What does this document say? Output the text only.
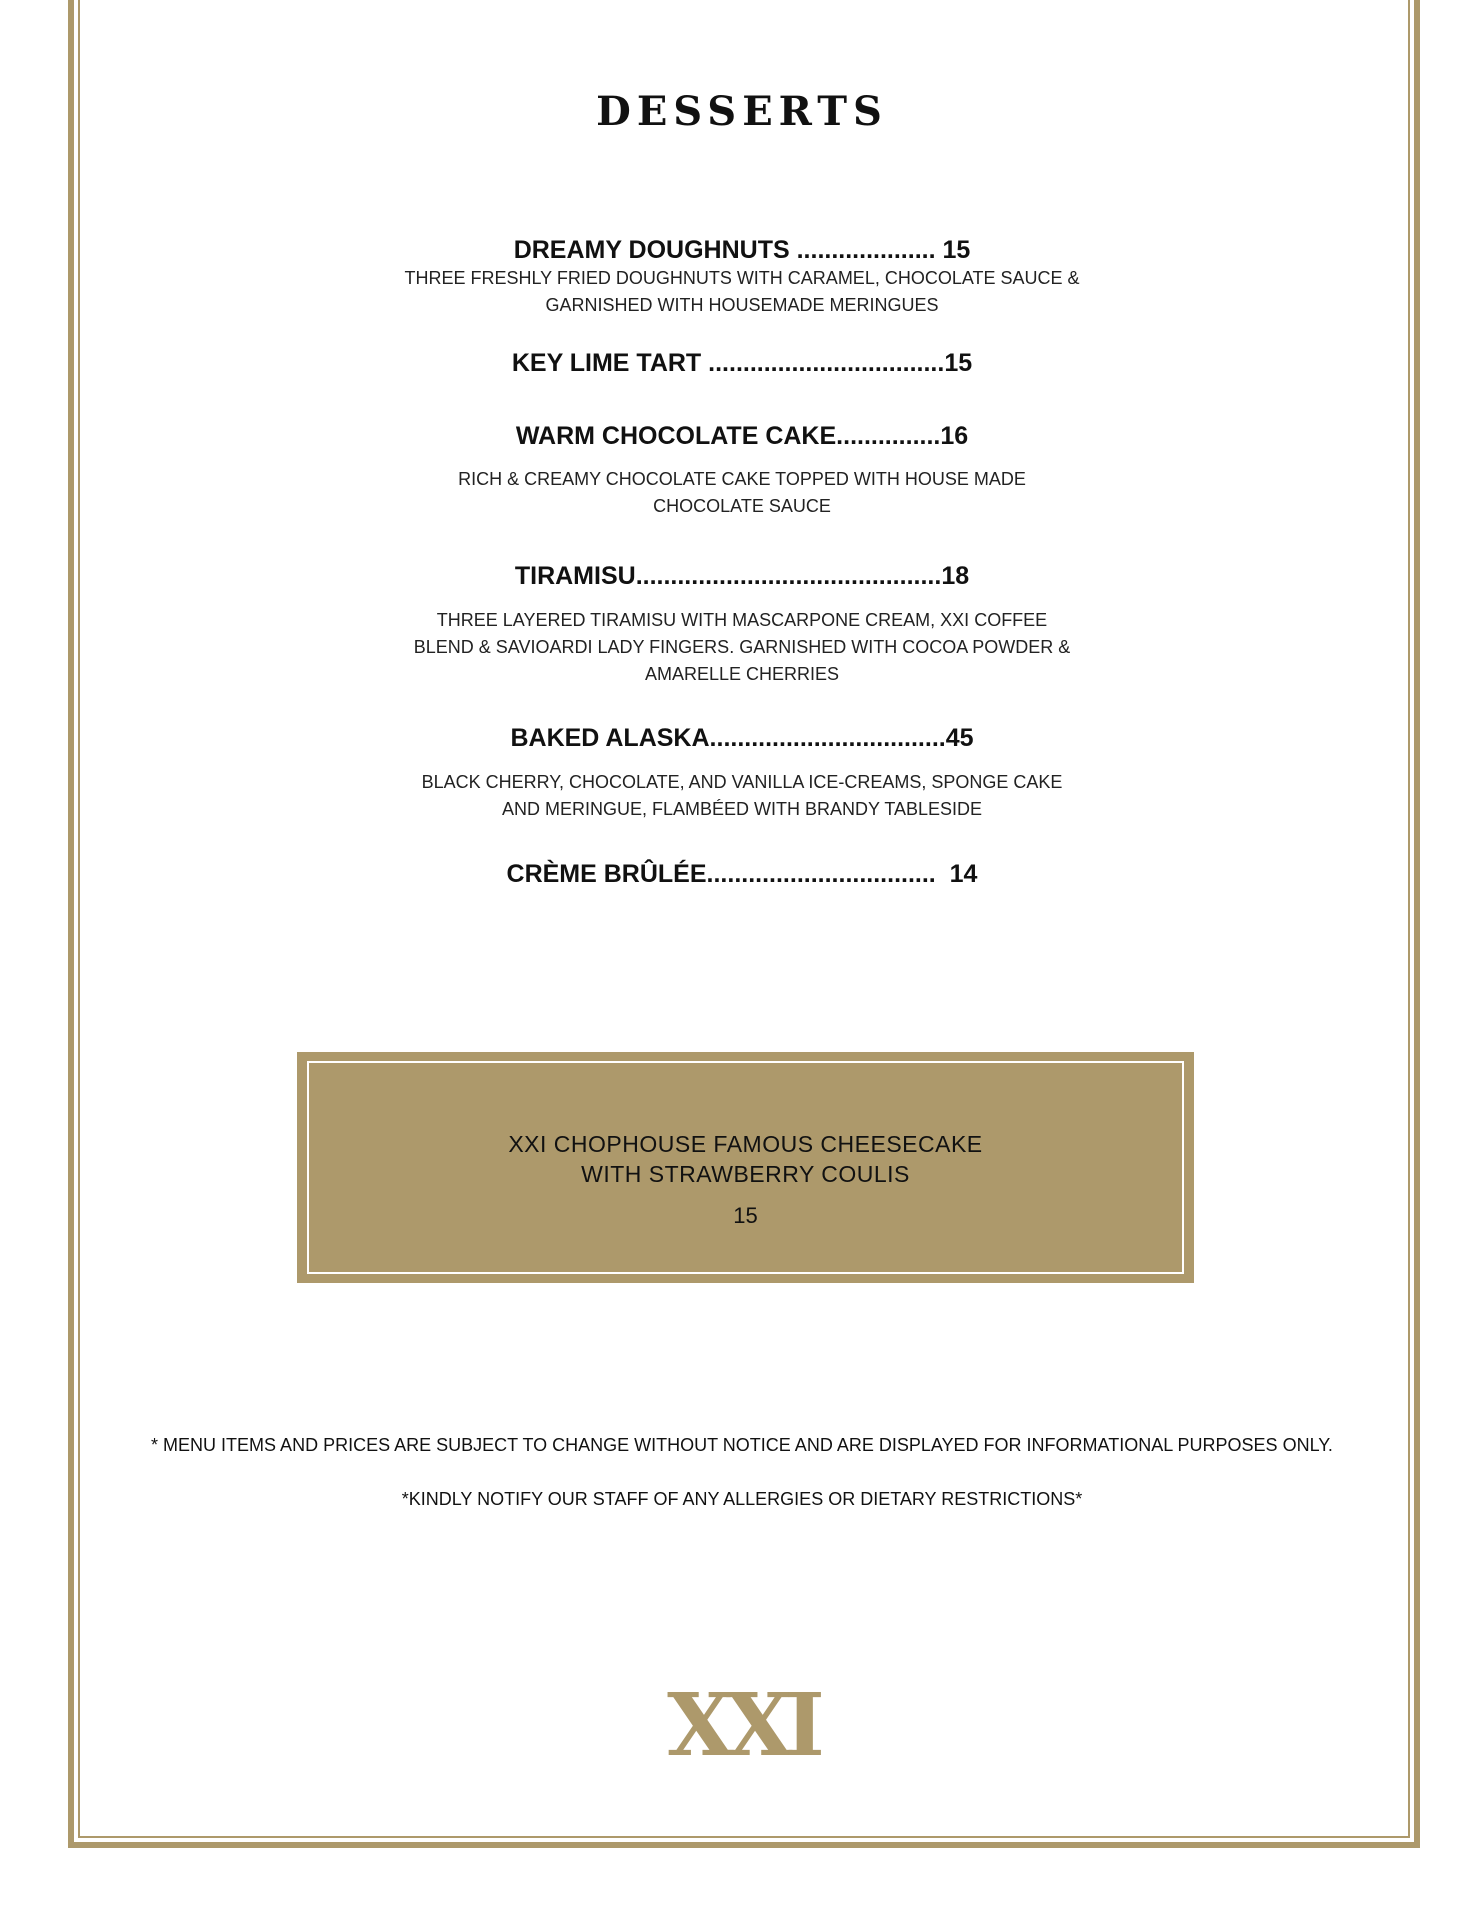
DESSERTS
DREAMY DOUGHNUTS .................... 15
THREE FRESHLY FRIED DOUGHNUTS WITH CARAMEL, CHOCOLATE SAUCE &
GARNISHED WITH HOUSEMADE MERINGUES
KEY LIME TART ..................................15
WARM CHOCOLATE CAKE...............16
RICH & CREAMY CHOCOLATE CAKE TOPPED WITH HOUSE MADE
CHOCOLATE SAUCE
TIRAMISU............................................18
THREE LAYERED TIRAMISU WITH MASCARPONE CREAM, XXI COFFEE
BLEND & SAVIOARDI LADY FINGERS. GARNISHED WITH COCOA POWDER &
AMARELLE CHERRIES
BAKED ALASKA..................................45
BLACK CHERRY, CHOCOLATE, AND VANILLA ICE-CREAMS, SPONGE CAKE
AND MERINGUE, FLAMBÉED WITH BRANDY TABLESIDE
CRÈME BRÛLÉE................................. 14
XXI CHOPHOUSE FAMOUS CHEESECAKE
WITH STRAWBERRY COULIS
15

* MENU ITEMS AND PRICES ARE SUBJECT TO CHANGE WITHOUT NOTICE AND ARE DISPLAYED FOR INFORMATIONAL PURPOSES ONLY.

*KINDLY NOTIFY OUR STAFF OF ANY ALLERGIES OR DIETARY RESTRICTIONS*

XXI
